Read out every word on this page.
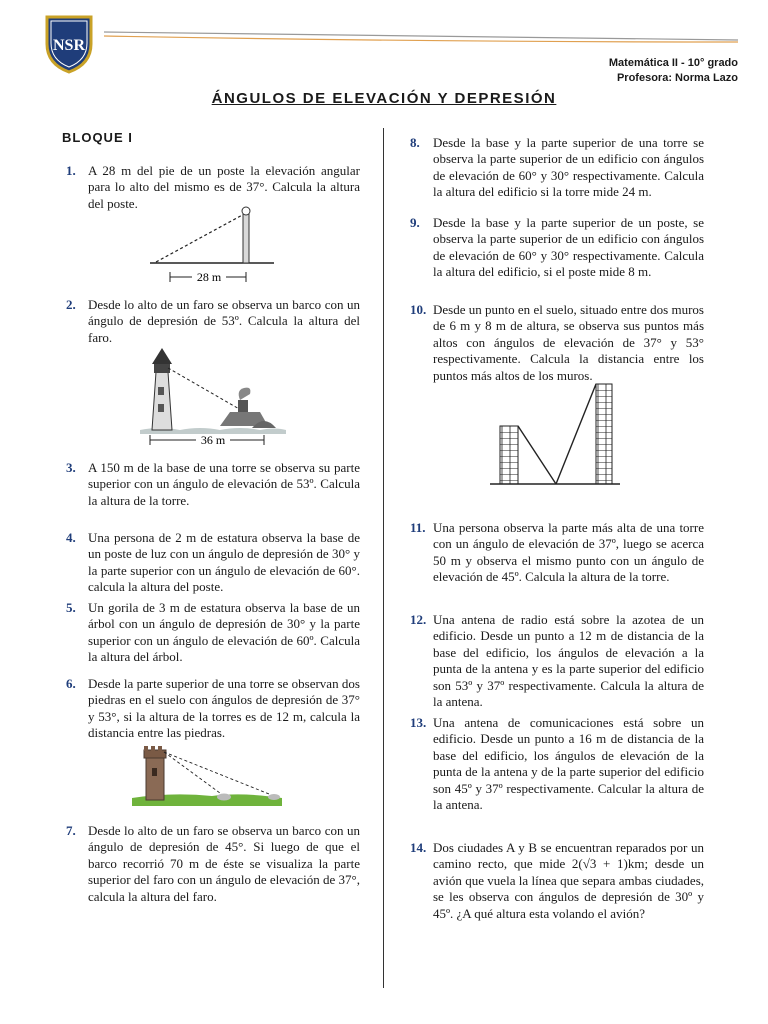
NSR
Matemática II - 10° grado
Profesora: Norma Lazo
ÁNGULOS DE ELEVACIÓN Y DEPRESIÓN
BLOQUE I
1. A 28 m del pie de un poste la elevación angular para lo alto del mismo es de 37°. Calcula la altura del poste.
28 m
2. Desde lo alto de un faro se observa un barco con un ángulo de depresión de 53º. Calcula la altura del faro.
36 m
3. A 150 m de la base de una torre se observa su parte superior con un ángulo de elevación de 53º. Calcula la altura de la torre.
4. Una persona de 2 m de estatura observa la base de un poste de luz con un ángulo de depresión de 30° y la parte superior con un ángulo de elevación de 60°. calcula la altura del poste.
5. Un gorila de 3 m de estatura observa la base de un árbol con un ángulo de depresión de 30° y la parte superior con un ángulo de elevación de 60º. Calcula la altura del árbol.
6. Desde la parte superior de una torre se observan dos piedras en el suelo con ángulos de depresión de 37° y 53°, si la altura de la torres es de 12 m, calcula la distancia entre las piedras.
7. Desde lo alto de un faro se observa un barco con un ángulo de depresión de 45°. Si luego de que el barco recorrió 70 m de éste se visualiza la parte superior del faro con un ángulo de elevación de 37°, calcula la altura del faro.
8.	Desde la base y la parte superior de una torre se observa la parte superior de un edificio con ángulos de elevación de 60° y 30° respectivamente. Calcula la altura del edificio si la torre mide 24 m.
9.	Desde la base y la parte superior de un poste, se observa la parte superior de un edificio con ángulos de elevación de 60° y 30° respectivamente. Calcula la altura del edificio, si el poste mide 8 m.
10. Desde un punto en el suelo, situado entre dos muros de 6 m y 8 m de altura, se observa sus puntos más altos con ángulos de elevación de 37° y 53° respectivamente. Calcula la distancia entre los puntos más altos de los muros.
11. Una persona observa la parte más alta de una torre con un ángulo de elevación de 37º, luego se acerca 50 m y observa el mismo punto con un ángulo de elevación de 45º. Calcula la altura de la torre.
12. Una antena de radio está sobre la azotea de un edificio. Desde un punto a 12 m de distancia de la base del edificio, los ángulos de elevación a la punta de la antena y es la parte superior del edificio son 53º y 37º respectivamente. Calcula la altura de la antena.
13. Una antena de comunicaciones está sobre un edificio. Desde un punto a 16 m de distancia de la base del edificio, los ángulos de elevación de la punta de la antena y de la parte superior del edificio son 45º y 37º respectivamente. Calcular la altura de la antena.
14. Dos ciudades A y B se encuentran reparados por un camino recto, que mide 2(√3 + 1)km; desde un avión que vuela la línea que separa ambas ciudades, se les observa con ángulos de depresión de 30º y 45º. ¿A qué altura esta volando el avión?
